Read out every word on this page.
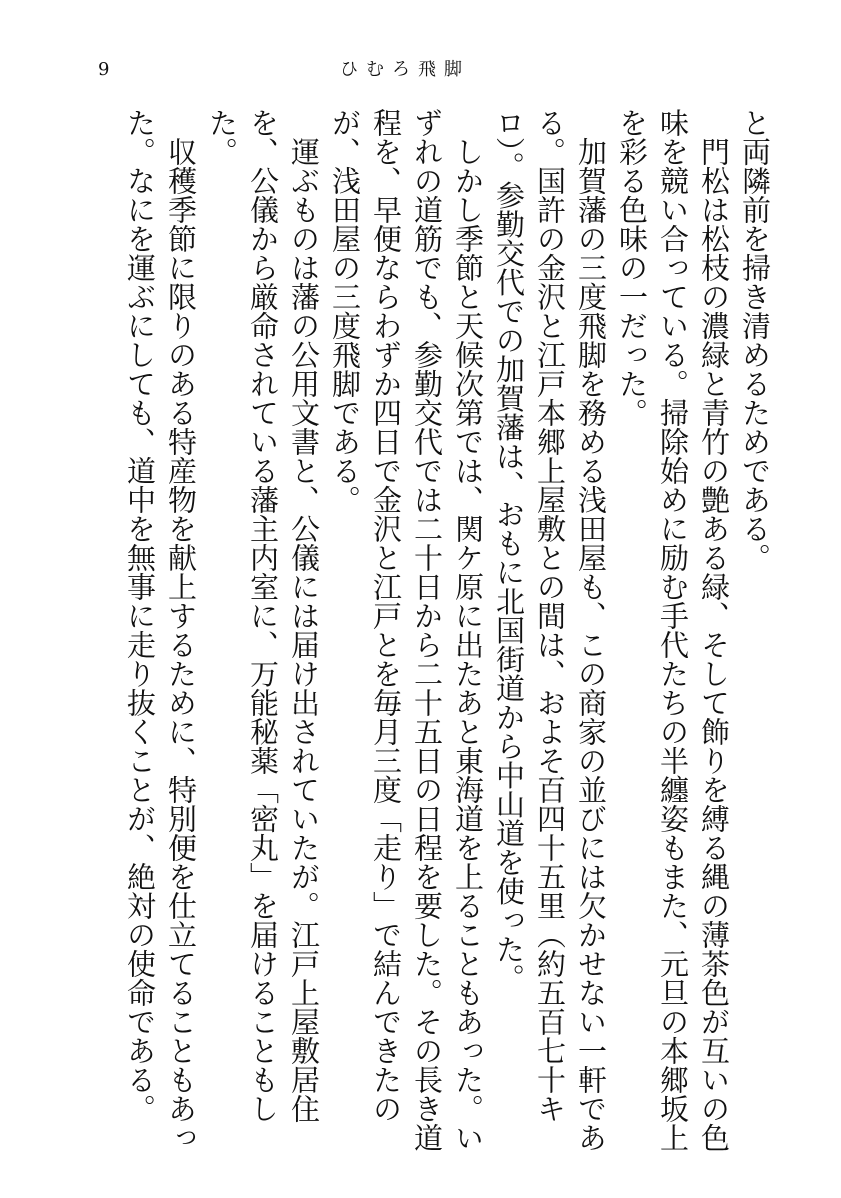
9	ひむろ飛脚

と両隣前を掃き清めるためである。

門松は松枝の濃緑と青竹の艶ある緑、そして飾りを縛る縄の薄茶色が互いの色味を競い合っている。掃除始めに励む手代たちの半纏姿もまた、元旦の本郷坂上を彩る色味の一だった。

加賀藩の三度飛脚を務める浅田屋も、この商家の並びには欠かせない一軒である。国許の金沢と江戸本郷上屋敷との間は、およそ百四十五里（約五百七十キロ）。参勤交代での加賀藩は、おもに北国街道から中山道を使った。

しかし季節と天候次第では、関ケ原に出たあと東海道を上ることもあった。いずれの道筋でも、参勤交代では二十日から二十五日の日程を要した。その長き道程を、早便ならわずか四日で金沢と江戸とを毎月三度「走り」で結んできたのが、浅田屋の三度飛脚である。

運ぶものは藩の公用文書と、公儀には届け出されていたが。江戸上屋敷居住を、公儀から厳命されている藩主内室に、万能秘薬「密丸」を届けることもした。

収穫季節に限りのある特産物を献上するために、特別便を仕立てることもあった。なにを運ぶにしても、道中を無事に走り抜くことが、絶対の使命である。
